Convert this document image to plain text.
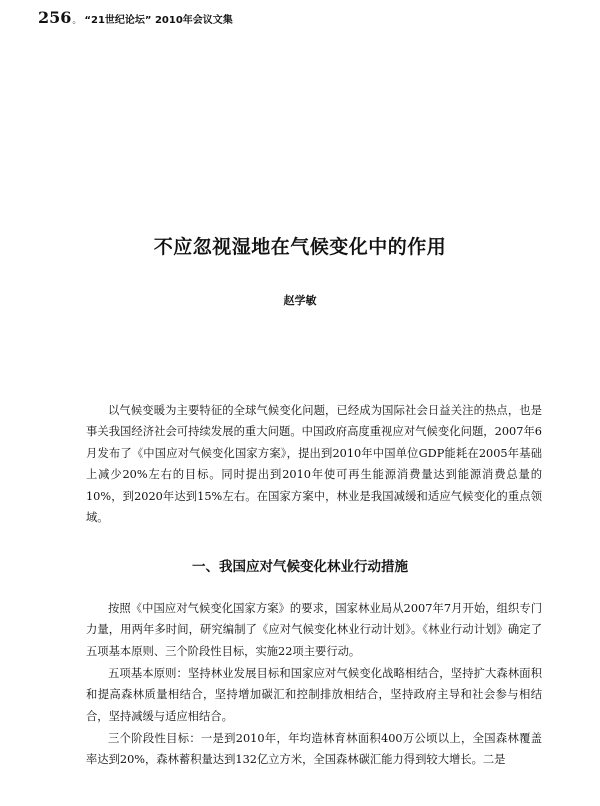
256 。 “21世纪论坛” 2010年会议文集
不应忽视湿地在气候变化中的作用
赵学敏

以气候变暖为主要特征的全球气候变化问题，已经成为国际社会日益关注的热点，也是事关我国经济社会可持续发展的重大问题。中国政府高度重视应对气候变化问题，2007年6月发布了《中国应对气候变化国家方案》，提出到2010年中国单位GDP能耗在2005年基础上减少20%左右的目标。同时提出到2010年使可再生能源消费量达到能源消费总量的10%，到2020年达到15%左右。在国家方案中，林业是我国减缓和适应气候变化的重点领域。

一、我国应对气候变化林业行动措施

按照《中国应对气候变化国家方案》的要求，国家林业局从2007年7月开始，组织专门力量，用两年多时间，研究编制了《应对气候变化林业行动计划》。《林业行动计划》确定了五项基本原则、三个阶段性目标，实施22项主要行动。

五项基本原则：坚持林业发展目标和国家应对气候变化战略相结合，坚持扩大森林面积和提高森林质量相结合，坚持增加碳汇和控制排放相结合，坚持政府主导和社会参与相结合，坚持减缓与适应相结合。

三个阶段性目标：一是到2010年，年均造林育林面积400万公顷以上，全国森林覆盖率达到20%，森林蓄积量达到132亿立方米，全国森林碳汇能力得到较大增长。二是
